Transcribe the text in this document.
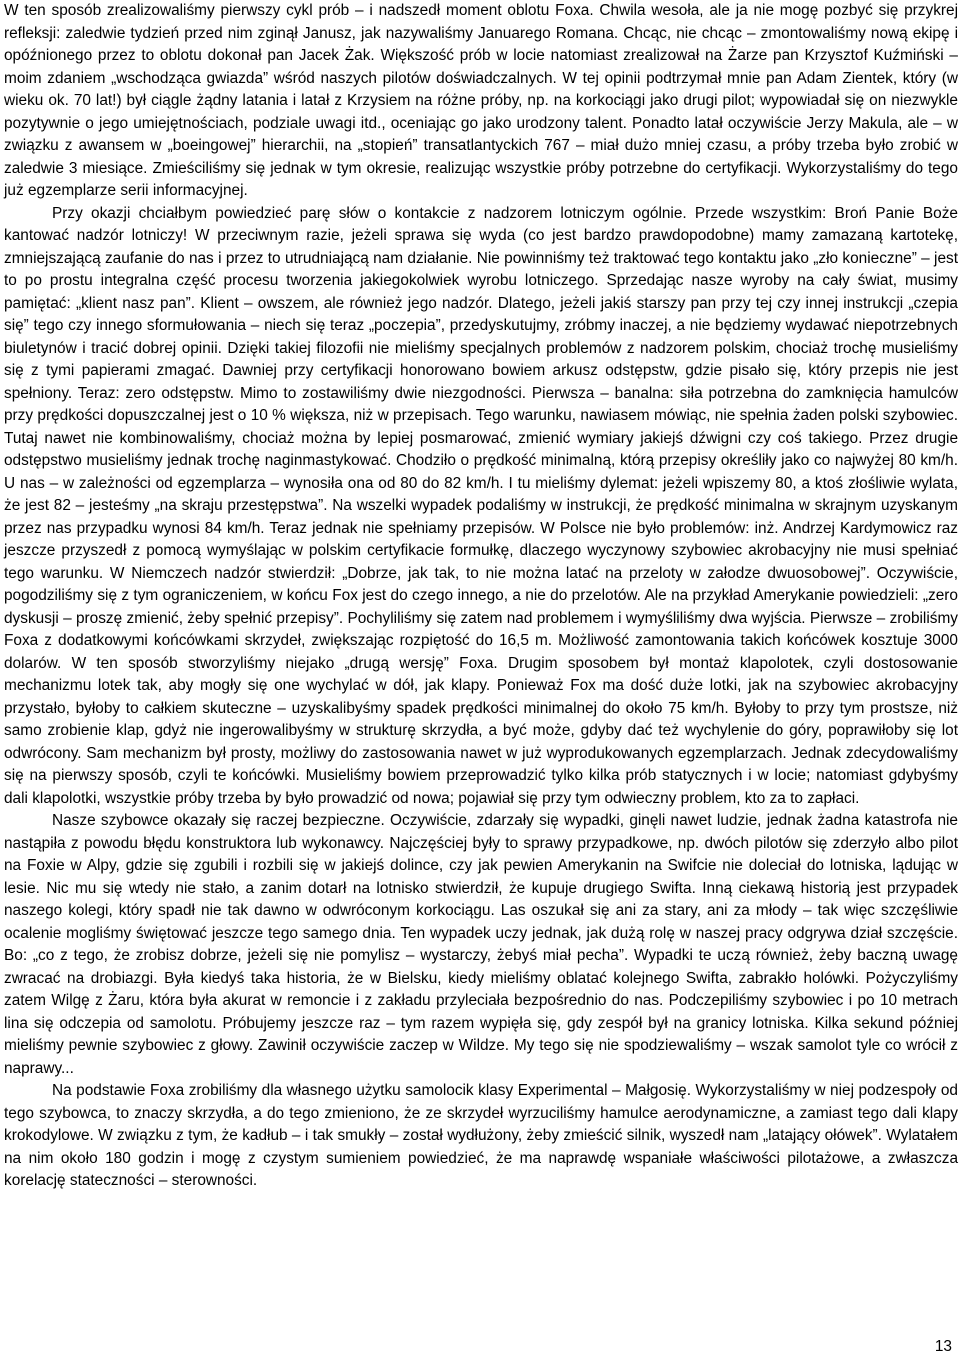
W ten sposób zrealizowaliśmy pierwszy cykl prób – i nadszedł moment oblotu Foxa. Chwila wesoła, ale ja nie mogę pozbyć się przykrej refleksji: zaledwie tydzień przed nim zginął Janusz, jak nazywaliśmy Januarego Romana. Chcąc, nie chcąc – zmontowaliśmy nową ekipę i opóźnionego przez to oblotu dokonał pan Jacek Żak. Większość prób w locie natomiast zrealizował na Żarze pan Krzysztof Kuźmiński – moim zdaniem „wschodząca gwiazda” wśród naszych pilotów doświadczalnych. W tej opinii podtrzymał mnie pan Adam Zientek, który (w wieku ok. 70 lat!) był ciągle żądny latania i latał z Krzysiem na różne próby, np. na korkociągi jako drugi pilot; wypowiadał się on niezwykle pozytywnie o jego umiejętnościach, podziale uwagi itd., oceniając go jako urodzony talent. Ponadto latał oczywiście Jerzy Makula, ale – w związku z awansem w „boeingowej” hierarchii, na „stopień” transatlantyckich 767 – miał dużo mniej czasu, a próby trzeba było zrobić w zaledwie 3 miesiące. Zmieściliśmy się jednak w tym okresie, realizując wszystkie próby potrzebne do certyfikacji. Wykorzystaliśmy do tego już egzemplarze serii informacyjnej.

Przy okazji chciałbym powiedzieć parę słów o kontakcie z nadzorem lotniczym ogólnie. Przede wszystkim: Broń Panie Boże kantować nadzór lotniczy! W przeciwnym razie, jeżeli sprawa się wyda (co jest bardzo prawdopodobne) mamy zamazaną kartotekę, zmniejszającą zaufanie do nas i przez to utrudniającą nam działanie. Nie powinniśmy też traktować tego kontaktu jako „zło konieczne” – jest to po prostu integralna część procesu tworzenia jakiegokolwiek wyrobu lotniczego. Sprzedając nasze wyroby na cały świat, musimy pamiętać: „klient nasz pan”. Klient – owszem, ale również jego nadzór. Dlatego, jeżeli jakiś starszy pan przy tej czy innej instrukcji „czepia się” tego czy innego sformułowania – niech się teraz „poczepia”, przedyskutujmy, zróbmy inaczej, a nie będziemy wydawać niepotrzebnych biuletynów i tracić dobrej opinii. Dzięki takiej filozofii nie mieliśmy specjalnych problemów z nadzorem polskim, chociaż trochę musieliśmy się z tymi papierami zmagać. Dawniej przy certyfikacji honorowano bowiem arkusz odstępstw, gdzie pisało się, który przepis nie jest spełniony. Teraz: zero odstępstw. Mimo to zostawiliśmy dwie niezgodności. Pierwsza – banalna: siła potrzebna do zamknięcia hamulców przy prędkości dopuszczalnej jest o 10 % większa, niż w przepisach. Tego warunku, nawiasem mówiąc, nie spełnia żaden polski szybowiec. Tutaj nawet nie kombinowaliśmy, chociaż można by lepiej posmarować, zmienić wymiary jakiejś dźwigni czy coś takiego. Przez drugie odstępstwo musieliśmy jednak trochę naginmastykować. Chodziło o prędkość minimalną, którą przepisy określiły jako co najwyżej 80 km/h. U nas – w zależności od egzemplarza – wynosiła ona od 80 do 82 km/h. I tu mieliśmy dylemat: jeżeli wpiszemy 80, a ktoś złośliwie wylata, że jest 82 – jesteśmy „na skraju przestępstwa”. Na wszelki wypadek podaliśmy w instrukcji, że prędkość minimalna w skrajnym uzyskanym przez nas przypadku wynosi 84 km/h. Teraz jednak nie spełniamy przepisów. W Polsce nie było problemów: inż. Andrzej Kardymowicz raz jeszcze przyszedł z pomocą wymyślając w polskim certyfikacie formułkę, dlaczego wyczynowy szybowiec akrobacyjny nie musi spełniać tego warunku. W Niemczech nadzór stwierdził: „Dobrze, jak tak, to nie można latać na przeloty w załodze dwuosobowej”. Oczywiście, pogodziliśmy się z tym ograniczeniem, w końcu Fox jest do czego innego, a nie do przelotów. Ale na przykład Amerykanie powiedzieli: „zero dyskusji – proszę zmienić, żeby spełnić przepisy”. Pochyliliśmy się zatem nad problemem i wymyśliliśmy dwa wyjścia. Pierwsze – zrobiliśmy Foxa z dodatkowymi końcówkami skrzydeł, zwiększając rozpiętość do 16,5 m. Możliwość zamontowania takich końcówek kosztuje 3000 dolarów. W ten sposób stworzyliśmy niejako „drugą wersję” Foxa. Drugim sposobem był montaż klapolotek, czyli dostosowanie mechanizmu lotek tak, aby mogły się one wychylać w dół, jak klapy. Ponieważ Fox ma dość duże lotki, jak na szybowiec akrobacyjny przystało, byłoby to całkiem skuteczne – uzyskalibyśmy spadek prędkości minimalnej do około 75 km/h. Byłoby to przy tym prostsze, niż samo zrobienie klap, gdyż nie ingerowalibyśmy w strukturę skrzydła, a być może, gdyby dać też wychylenie do góry, poprawiłoby się lot odwrócony. Sam mechanizm był prosty, możliwy do zastosowania nawet w już wyprodukowanych egzemplarzach. Jednak zdecydowaliśmy się na pierwszy sposób, czyli te końcówki. Musieliśmy bowiem przeprowadzić tylko kilka prób statycznych i w locie; natomiast gdybyśmy dali klapolotki, wszystkie próby trzeba by było prowadzić od nowa; pojawiał się przy tym odwieczny problem, kto za to zapłaci.

Nasze szybowce okazały się raczej bezpieczne. Oczywiście, zdarzały się wypadki, ginęli nawet ludzie, jednak żadna katastrofa nie nastąpiła z powodu błędu konstruktora lub wykonawcy. Najczęściej były to sprawy przypadkowe, np. dwóch pilotów się zderzyło albo pilot na Foxie w Alpy, gdzie się zgubili i rozbili się w jakiejś dolince, czy jak pewien Amerykanin na Swifcie nie doleciał do lotniska, lądując w lesie. Nic mu się wtedy nie stało, a zanim dotarł na lotnisko stwierdził, że kupuje drugiego Swifta. Inną ciekawą historią jest przypadek naszego kolegi, który spadł nie tak dawno w odwróconym korkociągu. Las oszukał się ani za stary, ani za młody – tak więc szczęśliwie ocalenie mogliśmy świętować jeszcze tego samego dnia. Ten wypadek uczy jednak, jak dużą rolę w naszej pracy odgrywa dział szczęście. Bo: „co z tego, że zrobisz dobrze, jeżeli się nie pomylisz – wystarczy, żebyś miał pecha”. Wypadki te uczą również, żeby baczną uwagę zwracać na drobiazgi. Była kiedyś taka historia, że w Bielsku, kiedy mieliśmy oblatać kolejnego Swifta, zabrakło holówki. Pożyczyliśmy zatem Wilgę z Żaru, która była akurat w remoncie i z zakładu przyleciała bezpośrednio do nas. Podczepiliśmy szybowiec i po 10 metrach lina się odczepia od samolotu. Próbujemy jeszcze raz – tym razem wypięła się, gdy zespół był na granicy lotniska. Kilka sekund później mieliśmy pewnie szybowiec z głowy. Zawinił oczywiście zaczep w Wildze. My tego się nie spodziewaliśmy – wszak samolot tyle co wrócił z naprawy...

Na podstawie Foxa zrobiliśmy dla własnego użytku samolocik klasy Experimental – Małgosię. Wykorzystaliśmy w niej podzespoły od tego szybowca, to znaczy skrzydła, a do tego zmieniono, że ze skrzydeł wyrzuciliśmy hamulce aerodynamiczne, a zamiast tego dali klapy krokodylowe. W związku z tym, że kadłub – i tak smukły – został wydłużony, żeby zmieścić silnik, wyszedł nam „latający ołówek”. Wylatałem na nim około 180 godzin i mogę z czystym sumieniem powiedzieć, że ma naprawdę wspaniałe właściwości pilotażowe, a zwłaszcza korelację stateczności – sterowności.

13
